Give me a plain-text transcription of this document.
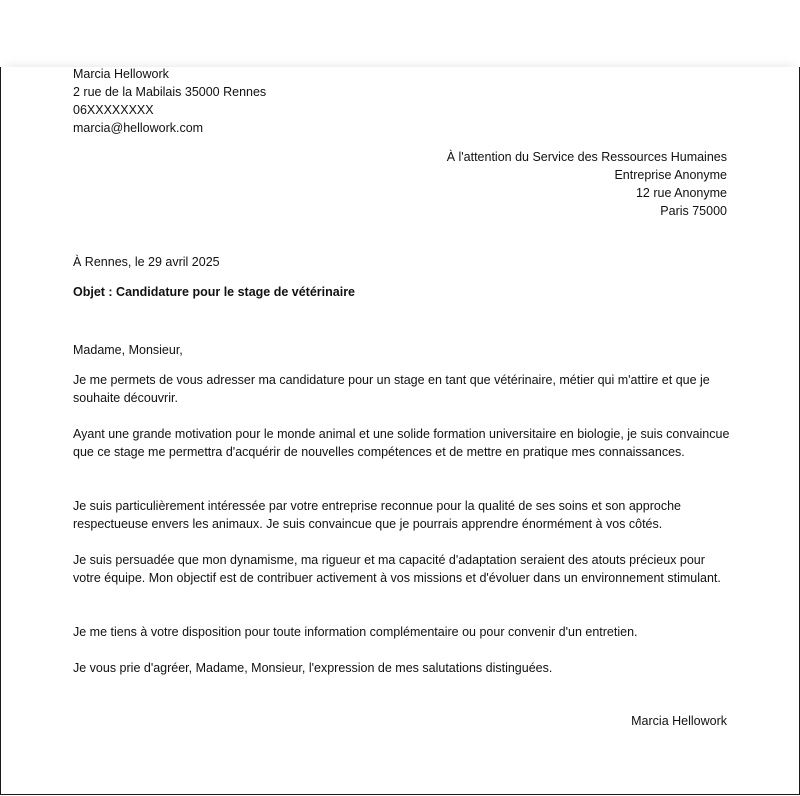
Marcia Hellowork
2 rue de la Mabilais 35000 Rennes
06XXXXXXXX
marcia@hellowork.com
À l'attention du Service des Ressources Humaines
Entreprise Anonyme
12 rue Anonyme
Paris 75000
À Rennes, le 29 avril 2025
Objet : Candidature pour le stage de vétérinaire
Madame, Monsieur,
Je me permets de vous adresser ma candidature pour un stage en tant que vétérinaire, métier qui m'attire et que je souhaite découvrir.
Ayant une grande motivation pour le monde animal et une solide formation universitaire en biologie, je suis convaincue que ce stage me permettra d'acquérir de nouvelles compétences et de mettre en pratique mes connaissances.
Je suis particulièrement intéressée par votre entreprise reconnue pour la qualité de ses soins et son approche respectueuse envers les animaux. Je suis convaincue que je pourrais apprendre énormément à vos côtés.
Je suis persuadée que mon dynamisme, ma rigueur et ma capacité d'adaptation seraient des atouts précieux pour votre équipe. Mon objectif est de contribuer activement à vos missions et d'évoluer dans un environnement stimulant.
Je me tiens à votre disposition pour toute information complémentaire ou pour convenir d'un entretien.
Je vous prie d'agréer, Madame, Monsieur, l'expression de mes salutations distinguées.
Marcia Hellowork
